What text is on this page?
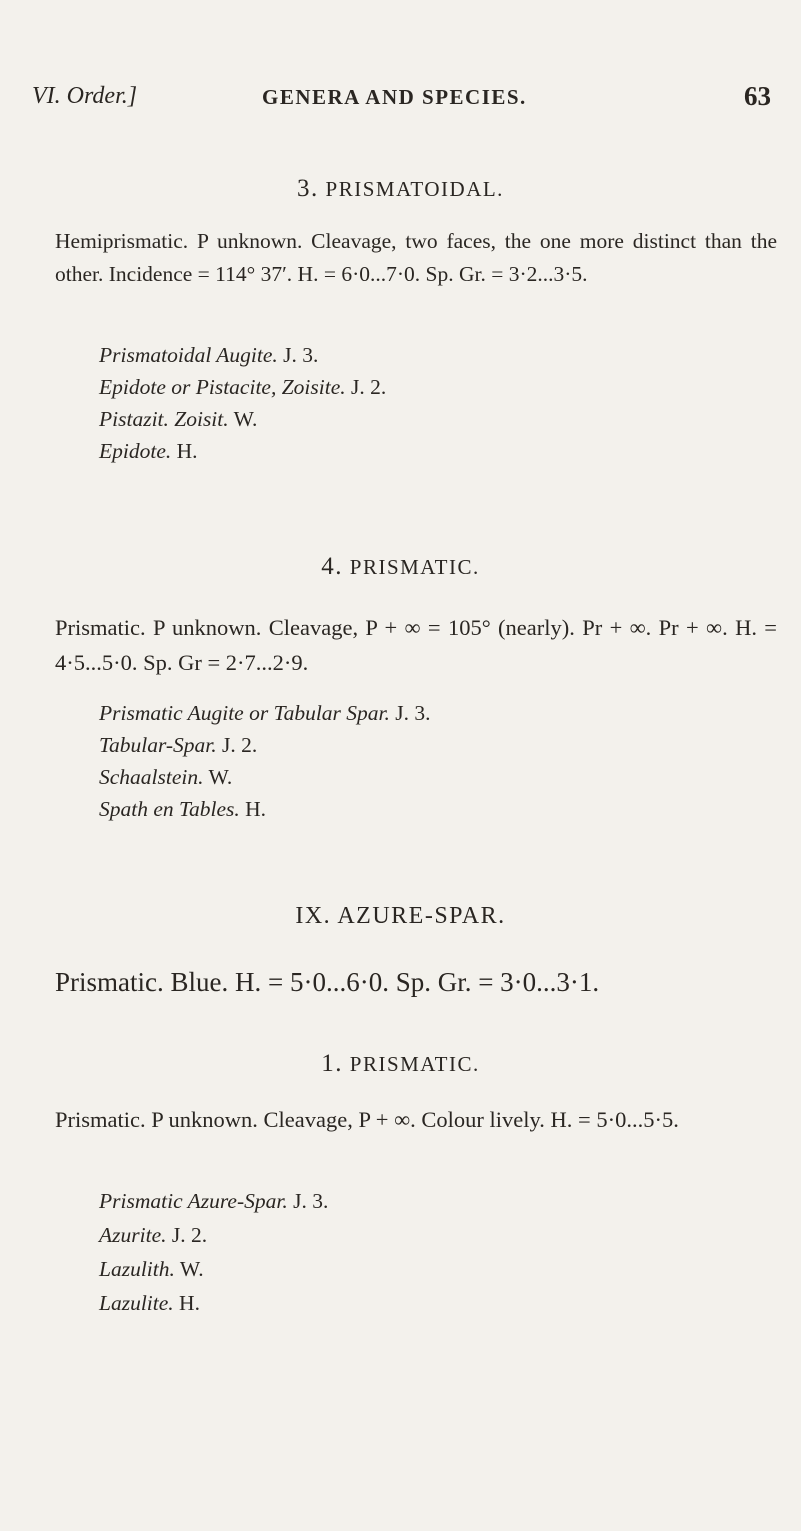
VI. Order.]	GENERA AND SPECIES.	63
3. PRISMATOIDAL.
Hemiprismatic. P unknown. Cleavage, two faces, the one more distinct than the other. Incidence = 114° 37′. H. = 6·0...7·0. Sp. Gr. = 3·2...3·5.
Prismatoidal Augite. J. 3.
Epidote or Pistacite, Zoisite. J. 2.
Pistazit. Zoisit. W.
Epidote. H.
4. PRISMATIC.
Prismatic. P unknown. Cleavage, P + ∞ = 105° (nearly). Pr + ∞. Pr + ∞. H. = 4·5...5·0. Sp. Gr = 2·7...2·9.
Prismatic Augite or Tabular Spar. J. 3.
Tabular-Spar. J. 2.
Schaalstein. W.
Spath en Tables. H.
IX. AZURE-SPAR.
Prismatic. Blue. H. = 5·0...6·0. Sp. Gr. = 3·0...3·1.
1. PRISMATIC.
Prismatic. P unknown. Cleavage, P + ∞. Colour lively. H. = 5·0...5·5.
Prismatic Azure-Spar. J. 3.
Azurite. J. 2.
Lazulith. W.
Lazulite. H.
